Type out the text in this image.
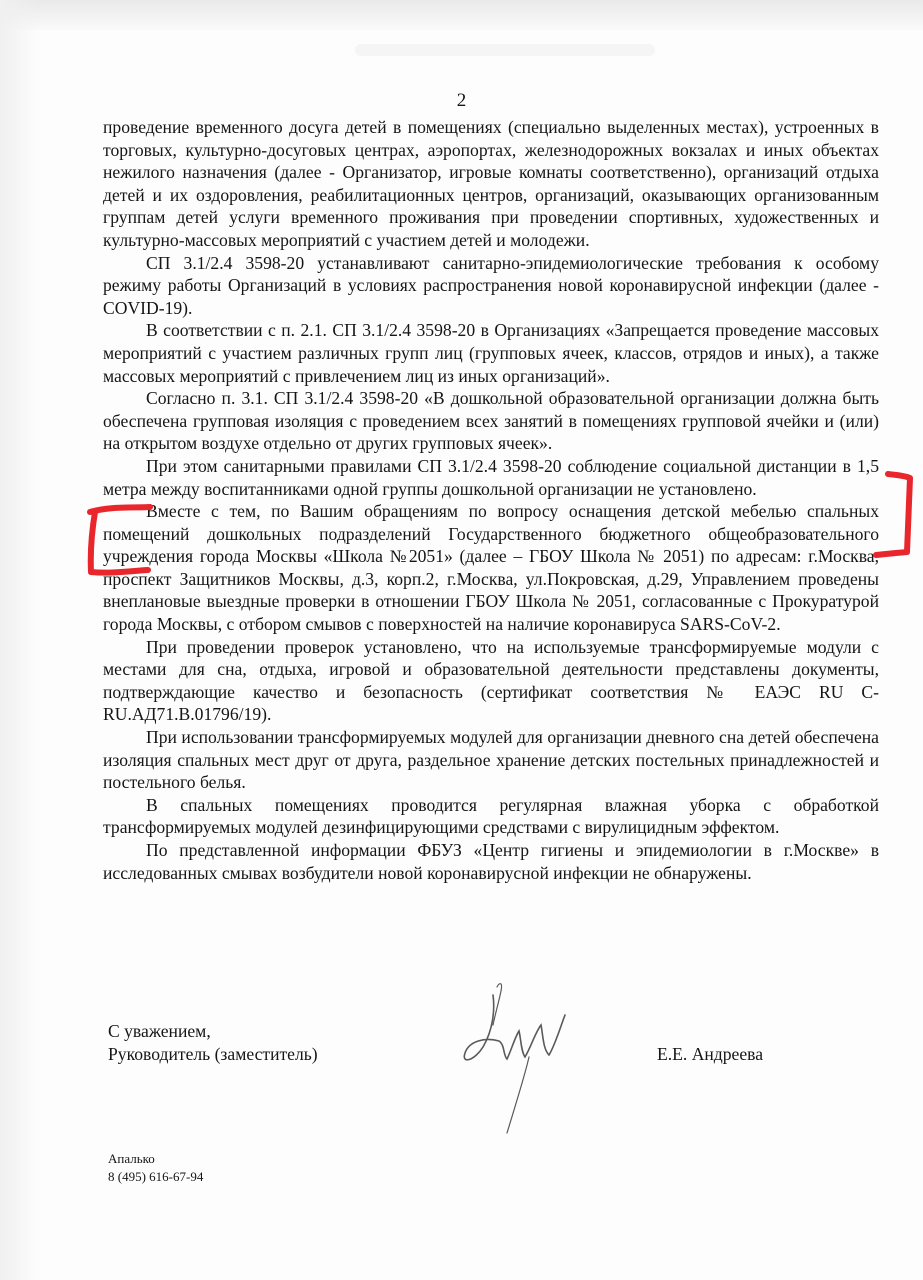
2

проведение временного досуга детей в помещениях (специально выделенных местах), устроенных в торговых, культурно-досуговых центрах, аэропортах, железнодорожных вокзалах и иных объектах нежилого назначения (далее - Организатор, игровые комнаты соответственно), организаций отдыха детей и их оздоровления, реабилитационных центров, организаций, оказывающих организованным группам детей услуги временного проживания при проведении спортивных, художественных и культурно-массовых мероприятий с участием детей и молодежи.

СП 3.1/2.4 3598-20 устанавливают санитарно-эпидемиологические требования к особому режиму работы Организаций в условиях распространения новой коронавирусной инфекции (далее - COVID-19).

В соответствии с п. 2.1. СП 3.1/2.4 3598-20 в Организациях «Запрещается проведение массовых мероприятий с участием различных групп лиц (групповых ячеек, классов, отрядов и иных), а также массовых мероприятий с привлечением лиц из иных организаций».

Согласно п. 3.1. СП 3.1/2.4 3598-20 «В дошкольной образовательной организации должна быть обеспечена групповая изоляция с проведением всех занятий в помещениях групповой ячейки и (или) на открытом воздухе отдельно от других групповых ячеек».

При этом санитарными правилами СП 3.1/2.4 3598-20 соблюдение социальной дистанции в 1,5 метра между воспитанниками одной группы дошкольной организации не установлено.

Вместе с тем, по Вашим обращениям по вопросу оснащения детской мебелью спальных помещений дошкольных подразделений Государственного бюджетного общеобразовательного учреждения города Москвы «Школа №2051» (далее – ГБОУ Школа № 2051) по адресам: г.Москва, проспект Защитников Москвы, д.3, корп.2, г.Москва, ул.Покровская, д.29, Управлением проведены внеплановые выездные проверки в отношении ГБОУ Школа № 2051, согласованные с Прокуратурой города Москвы, с отбором смывов с поверхностей на наличие коронавируса SARS-CoV-2.

При проведении проверок установлено, что на используемые трансформируемые модули с местами для сна, отдыха, игровой и образовательной деятельности представлены документы, подтверждающие качество и безопасность (сертификат соответствия № ЕАЭС RU C- RU.АД71.В.01796/19).

При использовании трансформируемых модулей для организации дневного сна детей обеспечена изоляция спальных мест друг от друга, раздельное хранение детских постельных принадлежностей и постельного белья.

В спальных помещениях проводится регулярная влажная уборка с обработкой трансформируемых модулей дезинфицирующими средствами с вирулицидным эффектом.

По представленной информации ФБУЗ «Центр гигиены и эпидемиологии в г.Москве» в исследованных смывах возбудители новой коронавирусной инфекции не обнаружены.

С уважением,
Руководитель (заместитель)	Е.Е. Андреева
Апалько
8 (495) 616-67-94
